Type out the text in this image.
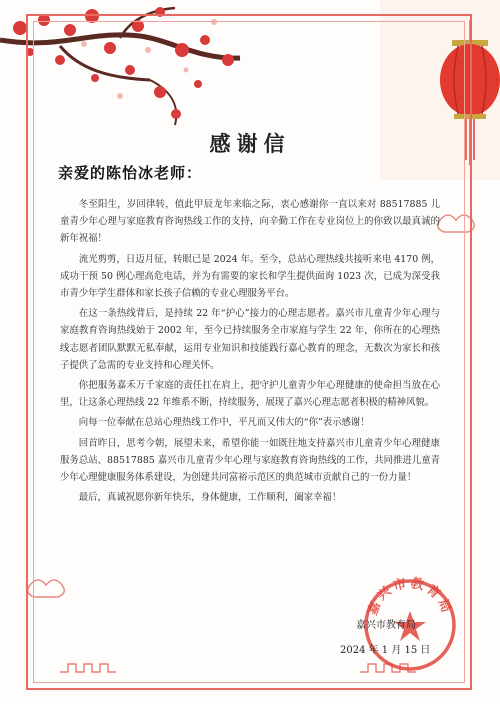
感谢信
亲爱的陈怡冰老师：

冬至阳生，岁回律转，值此甲辰龙年来临之际，衷心感谢你一直以来对 88517885 儿童青少年心理与家庭教育咨询热线工作的支持，向辛勤工作在专业岗位上的你致以最真诚的新年祝福！

流光剪剪，日迈月征，转眼已是 2024 年。至今，总站心理热线共接听来电 4170 例，成功干预 50 例心理高危电话，并为有需要的家长和学生提供面询 1023 次，已成为深受我市青少年学生群体和家长孩子信赖的专业心理服务平台。

在这一条热线背后，是持续 22 年“护心”接力的心理志愿者。嘉兴市儿童青少年心理与家庭教育咨询热线始于 2002 年，至今已持续服务全市家庭与学生 22 年，你所在的心理热线志愿者团队默默无私奉献，运用专业知识和技能践行嘉心教育的理念，无数次为家长和孩子提供了急需的专业支持和心理关怀。

你把服务嘉禾万千家庭的责任扛在肩上，把守护儿童青少年心理健康的使命担当放在心里，让这条心理热线 22 年维系不断，持续服务，展现了嘉兴心理志愿者积极的精神风貌。

向每一位奉献在总站心理热线工作中，平凡而又伟大的“你”表示感谢！

回首昨日，思考今朝，展望未来，希望你能一如既往地支持嘉兴市儿童青少年心理健康服务总站、88517885 嘉兴市儿童青少年心理与家庭教育咨询热线的工作，共同推进儿童青少年心理健康服务体系建设，为创建共同富裕示范区的典范城市贡献自己的一份力量！

最后，真诚祝愿你新年快乐，身体健康，工作顺利，阖家幸福！

嘉兴市教育局
嘉兴市教育局
2024 年 1 月 15 日
